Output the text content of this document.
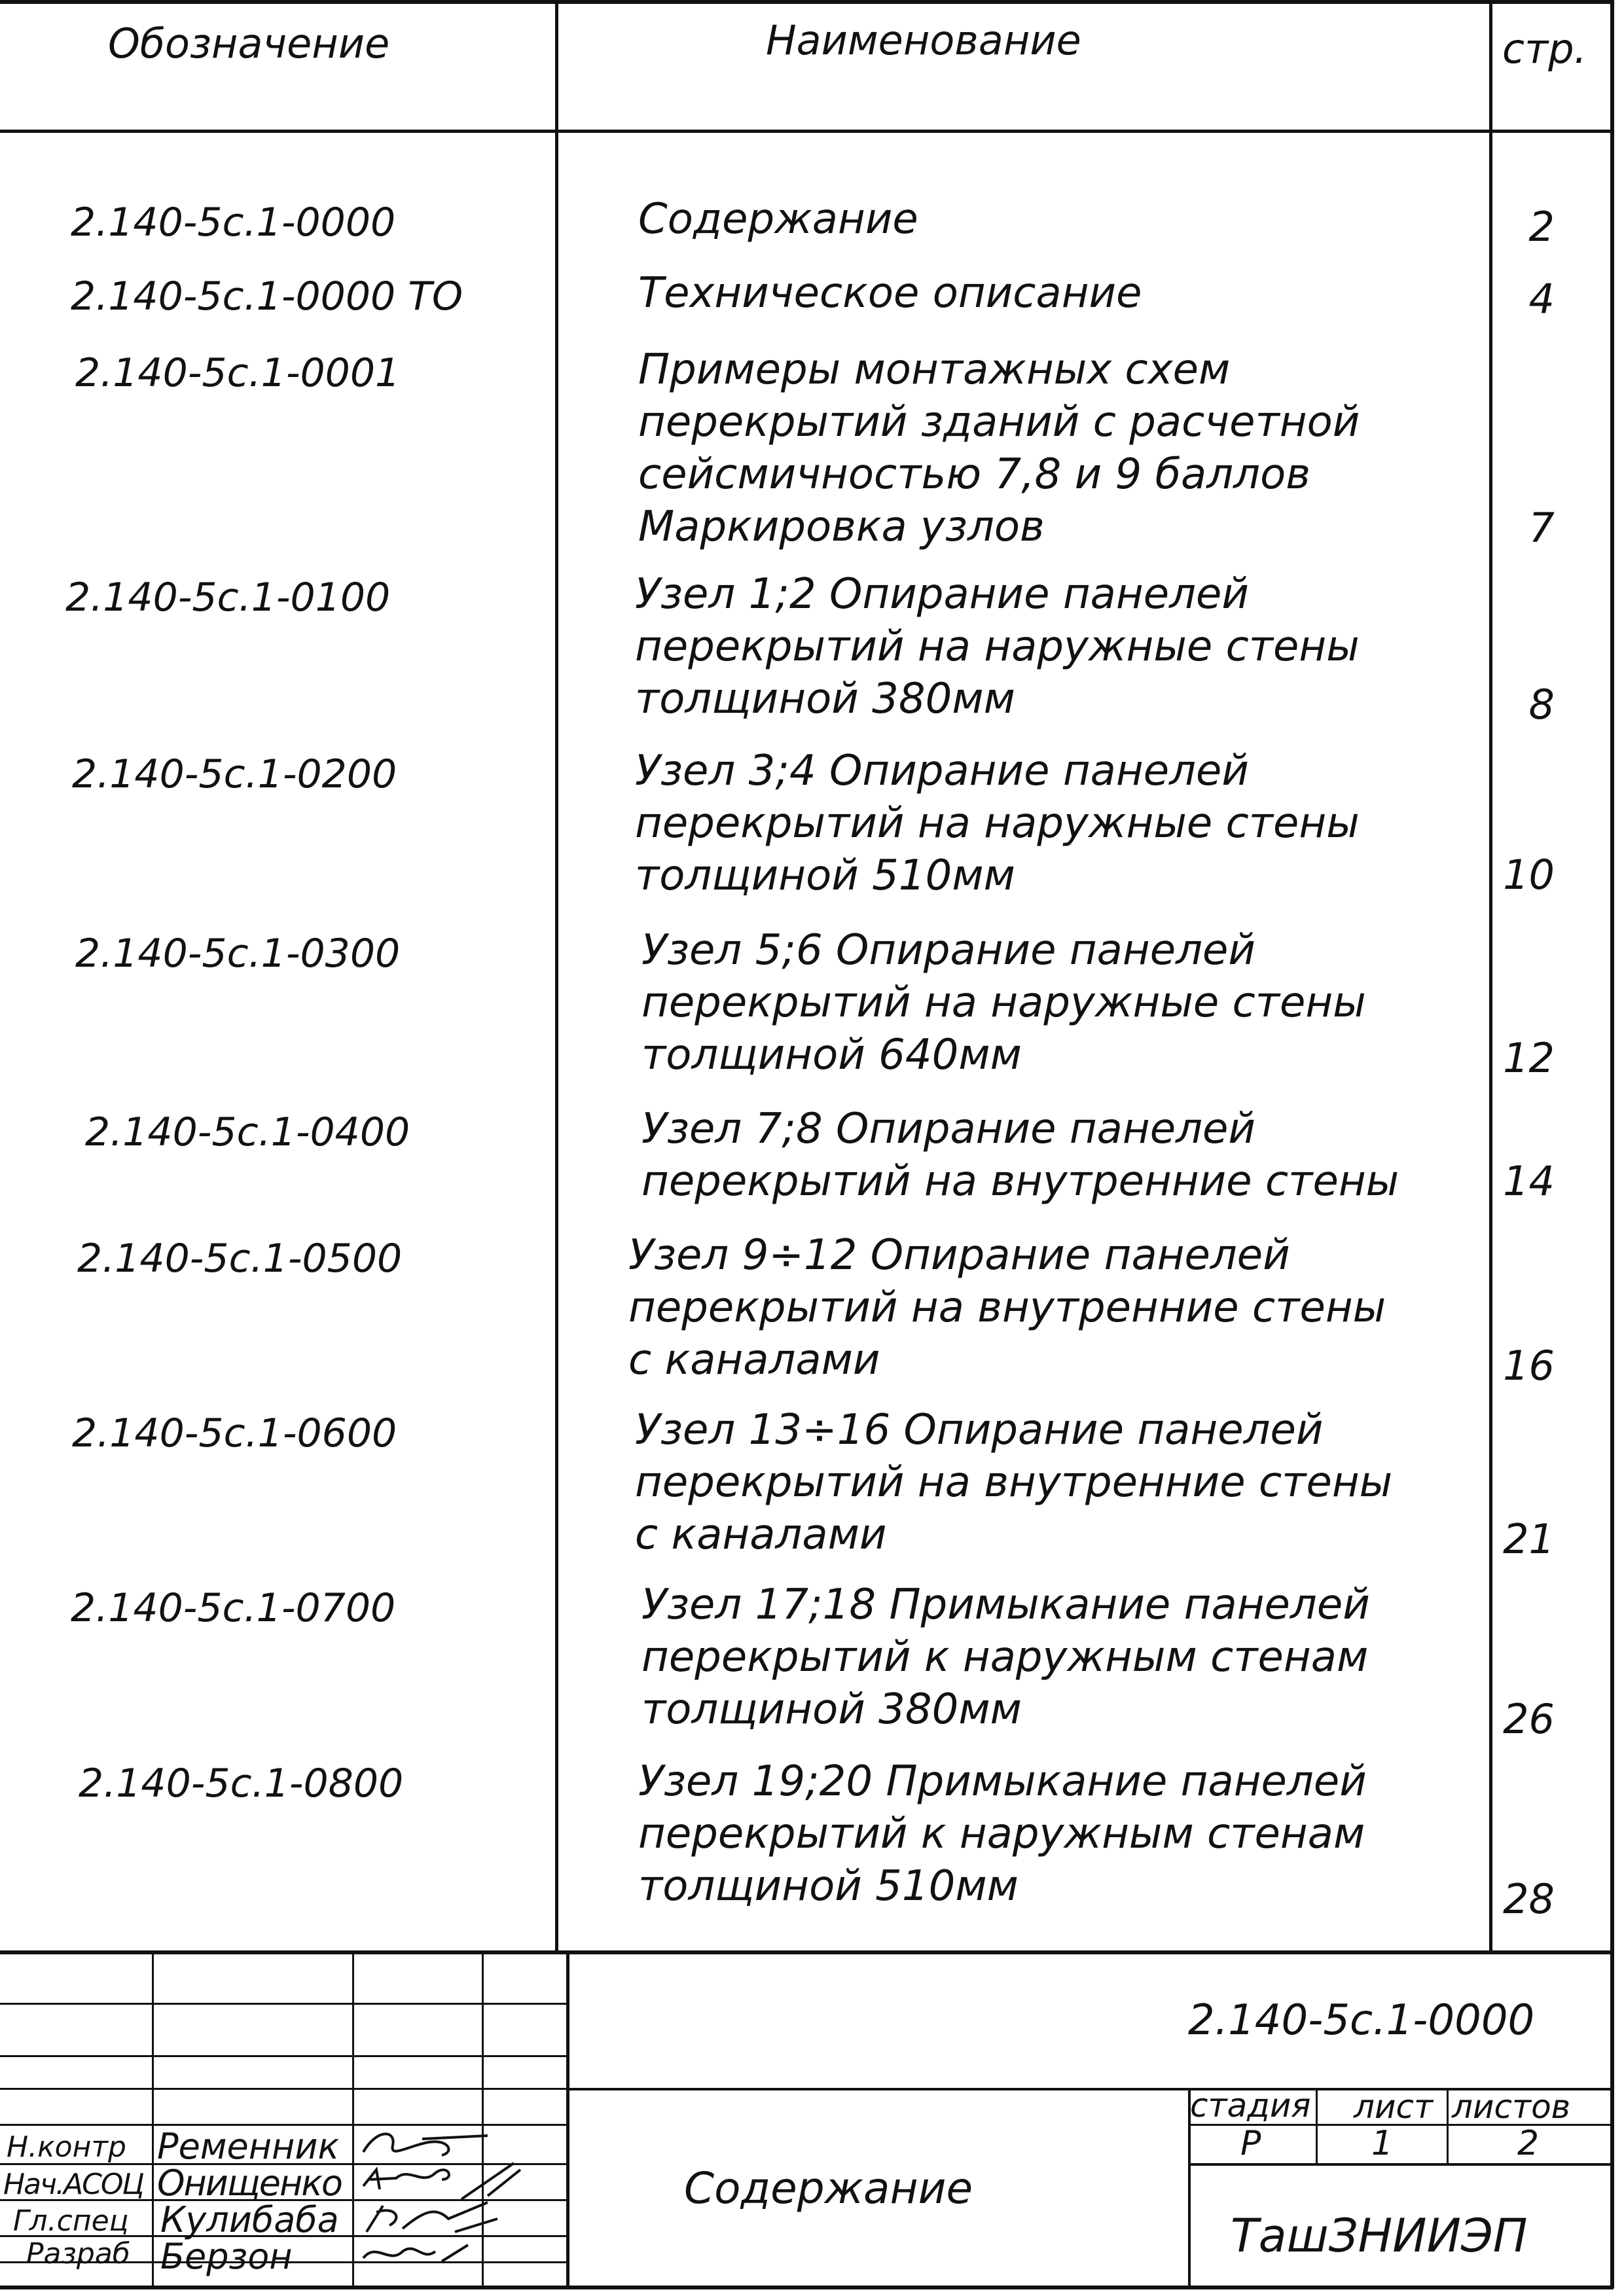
Обозначение	Наименование	стр.
2.140-5с.1-0000	Содержание	2
2.140-5с.1-0000 ТО	Техническое описание	4
2.140-5с.1-0001	Примеры монтажных схем
перекрытий зданий с расчетной
сейсмичностью 7,8 и 9 баллов
Маркировка узлов	7
2.140-5с.1-0100	Узел 1;2 Опирание панелей
перекрытий на наружные стены
толщиной 380мм	8
2.140-5с.1-0200	Узел 3;4 Опирание панелей
перекрытий на наружные стены
толщиной 510мм	10
2.140-5с.1-0300	Узел 5;6 Опирание панелей
перекрытий на наружные стены
толщиной 640мм	12
2.140-5с.1-0400	Узел 7;8 Опирание панелей
перекрытий на внутренние стены	14
2.140-5с.1-0500	Узел 9÷12 Опирание панелей
перекрытий на внутренние стены
с каналами	16
2.140-5с.1-0600	Узел 13÷16 Опирание панелей
перекрытий на внутренние стены
с каналами	21
2.140-5с.1-0700	Узел 17;18 Примыкание панелей
перекрытий к наружным стенам
толщиной 380мм	26
2.140-5с.1-0800	Узел 19;20 Примыкание панелей
перекрытий к наружным стенам
толщиной 510мм	28
2.140-5с.1-0000
Содержание
стадия лист листов
Р	1	2
ТашЗНИИЭП
Н.контр Ременник
Нач.АСОЦ Онищенко
Гл.спец Кулибаба
Разраб Берзон
